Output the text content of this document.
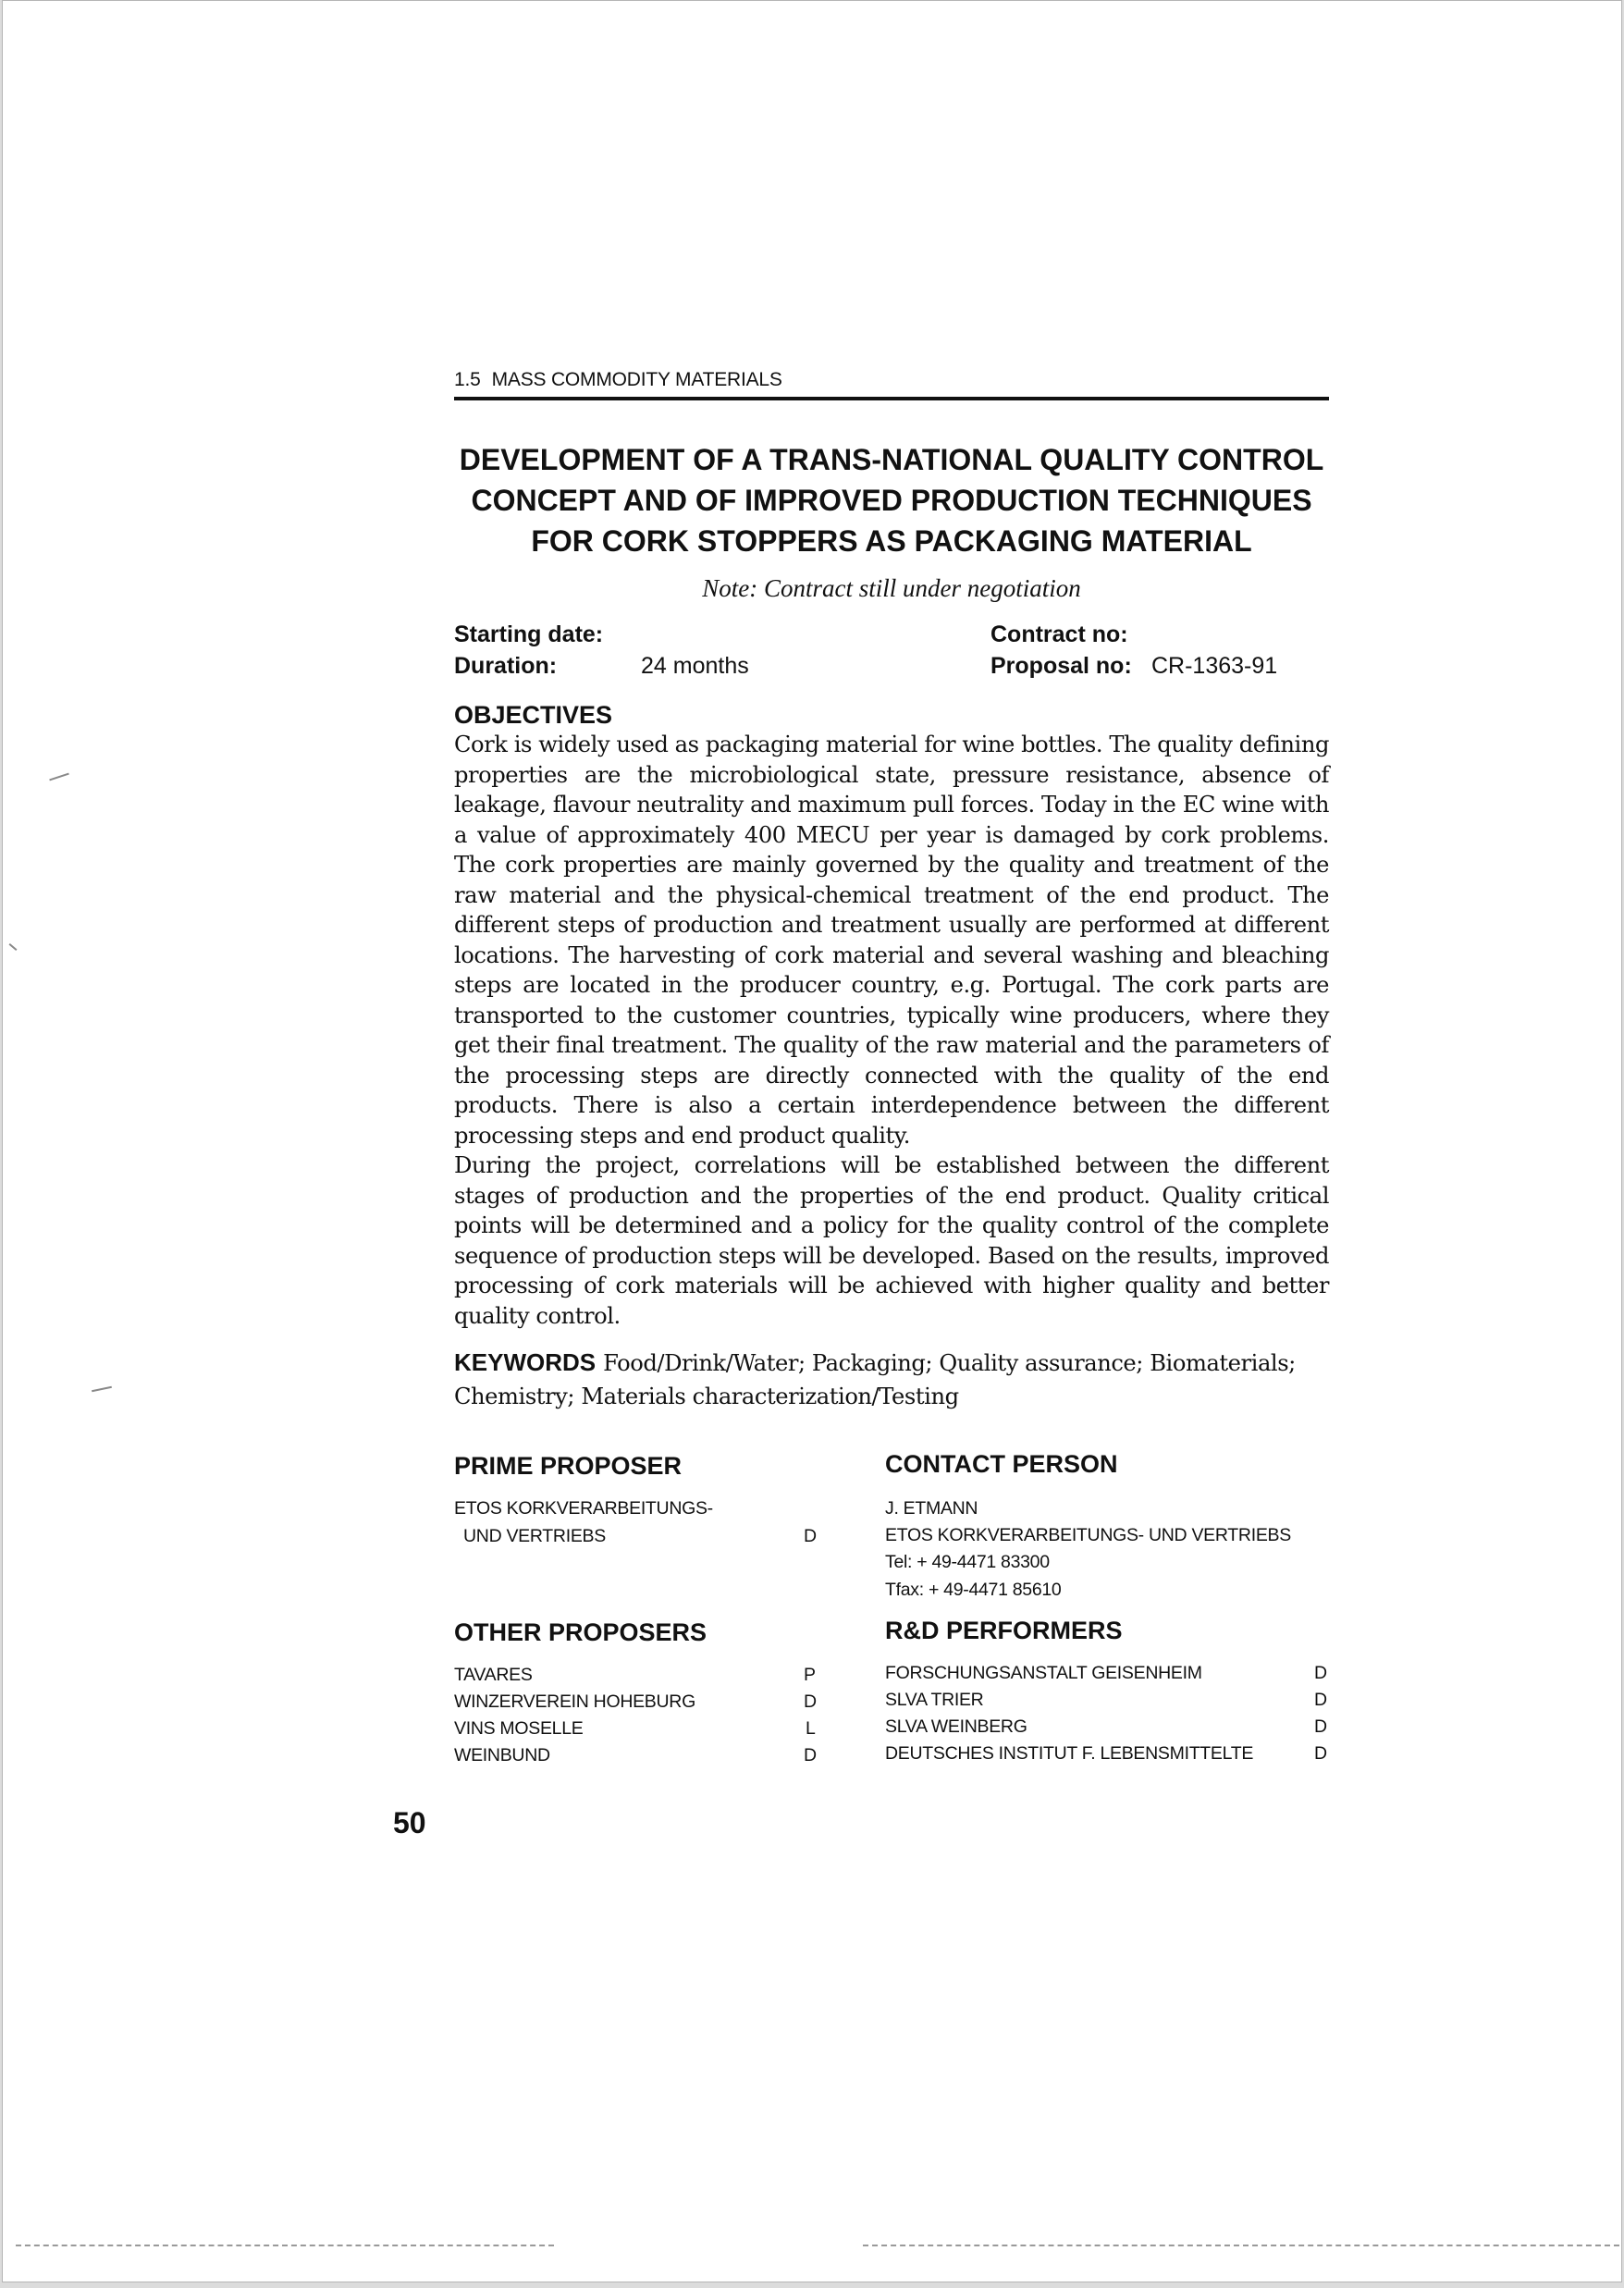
1.5 MASS COMMODITY MATERIALS
DEVELOPMENT OF A TRANS-NATIONAL QUALITY CONTROL
CONCEPT AND OF IMPROVED PRODUCTION TECHNIQUES
FOR CORK STOPPERS AS PACKAGING MATERIAL
Note: Contract still under negotiation
Starting date:
Duration:	24 months
Contract no:
Proposal no: CR-1363-91
OBJECTIVES

Cork is widely used as packaging material for wine bottles. The quality defining properties are the microbiological state, pressure resistance, absence of leakage, flavour neutrality and maximum pull forces. Today in the EC wine with a value of approximately 400 MECU per year is damaged by cork problems. The cork properties are mainly governed by the quality and treatment of the raw material and the physical-chemical treatment of the end product. The different steps of production and treatment usually are performed at different locations. The harvesting of cork material and several washing and bleaching steps are located in the producer country, e.g. Portugal. The cork parts are transported to the customer countries, typically wine producers, where they get their final treatment. The quality of the raw material and the parameters of the processing steps are directly connected with the quality of the end products. There is also a certain interdependence between the different processing steps and end product quality.

During the project, correlations will be established between the different stages of production and the properties of the end product. Quality critical points will be determined and a policy for the quality control of the complete sequence of production steps will be developed. Based on the results, improved processing of cork materials will be achieved with higher quality and better quality control.

KEYWORDS Food/Drink/Water; Packaging; Quality assurance; Biomaterials; Chemistry; Materials characterization/Testing
PRIME PROPOSER
ETOS KORKVERARBEITUNGS-
UND VERTRIEBS	D
CONTACT PERSON
J. ETMANN
ETOS KORKVERARBEITUNGS- UND VERTRIEBS
Tel: + 49-4471 83300
Tfax: + 49-4471 85610
OTHER PROPOSERS
TAVARES	P
WINZERVEREIN HOHEBURG	D
VINS MOSELLE	L
WEINBUND	D
R&D PERFORMERS
FORSCHUNGSANSTALT GEISENHEIM	D
SLVA TRIER	D
SLVA WEINBERG	D
DEUTSCHES INSTITUT F. LEBENSMITTELTE	D
50
